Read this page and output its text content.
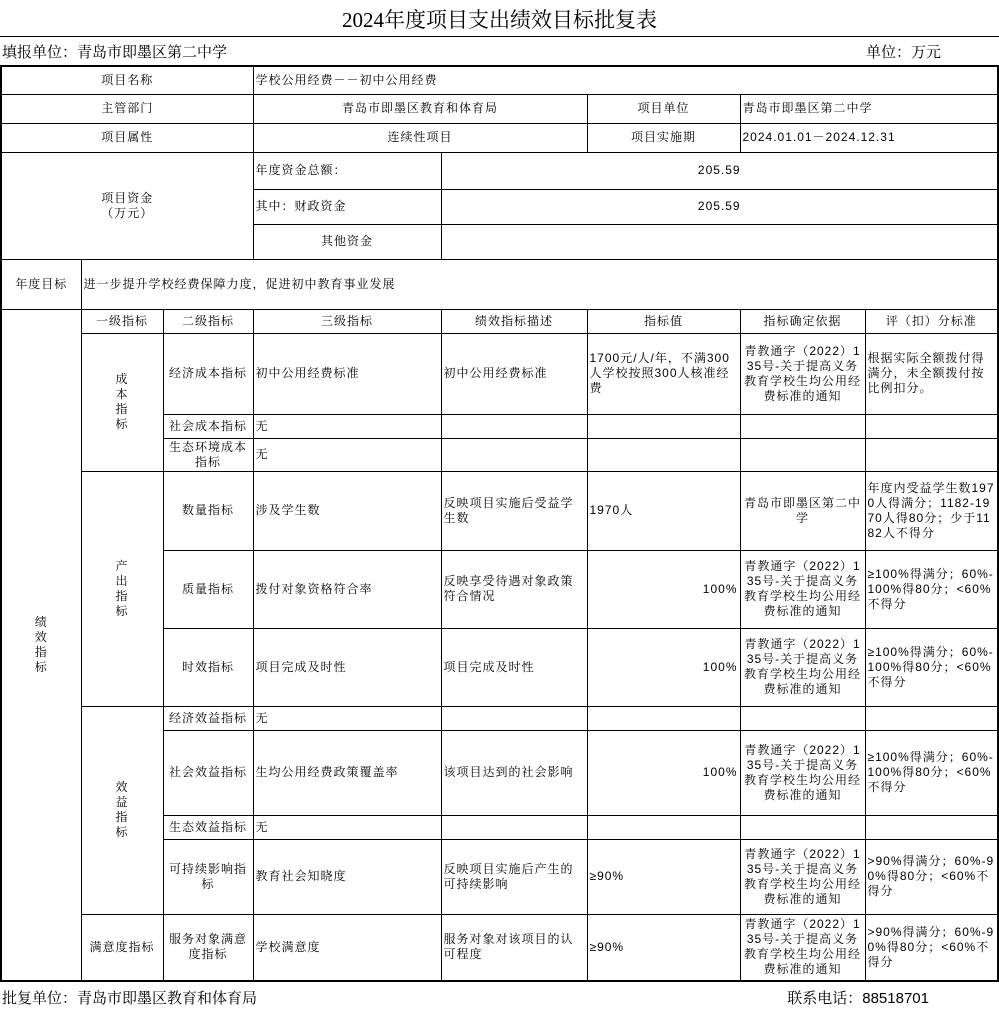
2024年度项目支出绩效目标批复表
填报单位：青岛市即墨区第二中学	单位：万元
项目名称			学校公用经费－－初中公用经费				
主管部门			青岛市即墨区教育和体育局		项目单位	青岛市即墨区第二中学	
项目属性			连续性项目		项目实施期	2024.01.01－2024.12.31	
项目资金
（万元）			年度资金总额：	205.59			
			其中：财政资金	205.59			
			其他资金				
年度目标	进一步提升学校经费保障力度，促进初中教育事业发展						
绩
效
指
标	一级指标	二级指标	三级指标	绩效指标描述	指标值	指标确定依据	评（扣）分标准
	成
本
指
标	经济成本指标	初中公用经费标准	初中公用经费标准	1700元/人/年，不满300人学校按照300人核准经费	青教通字（2022）135号-关于提高义务教育学校生均公用经费标准的通知	根据实际全额拨付得满分，未全额拨付按比例扣分。
		社会成本指标	无				
		生态环境成本指标	无				
	产
出
指
标	数量指标	涉及学生数	反映项目实施后受益学生数	1970人	青岛市即墨区第二中学	年度内受益学生数1970人得满分；1182-1970人得80分；少于1182人不得分
		质量指标	拨付对象资格符合率	反映享受待遇对象政策符合情况	100%	青教通字（2022）135号-关于提高义务教育学校生均公用经费标准的通知	≥100%得满分；60%-100%得80分；<60%不得分
		时效指标	项目完成及时性	项目完成及时性	100%	青教通字（2022）135号-关于提高义务教育学校生均公用经费标准的通知	≥100%得满分；60%-100%得80分；<60%不得分
	效
益
指
标	经济效益指标	无				
		社会效益指标	生均公用经费政策覆盖率	该项目达到的社会影响	100%	青教通字（2022）135号-关于提高义务教育学校生均公用经费标准的通知	≥100%得满分；60%-100%得80分；<60%不得分
		生态效益指标	无				
		可持续影响指标	教育社会知晓度	反映项目实施后产生的可持续影响	≥90%	青教通字（2022）135号-关于提高义务教育学校生均公用经费标准的通知	>90%得满分；60%-90%得80分；<60%不得分
	满意度指标	服务对象满意度指标	学校满意度	服务对象对该项目的认可程度	≥90%	青教通字（2022）135号-关于提高义务教育学校生均公用经费标准的通知	>90%得满分；60%-90%得80分；<60%不得分
批复单位：青岛市即墨区教育和体育局	联系电话：88518701
